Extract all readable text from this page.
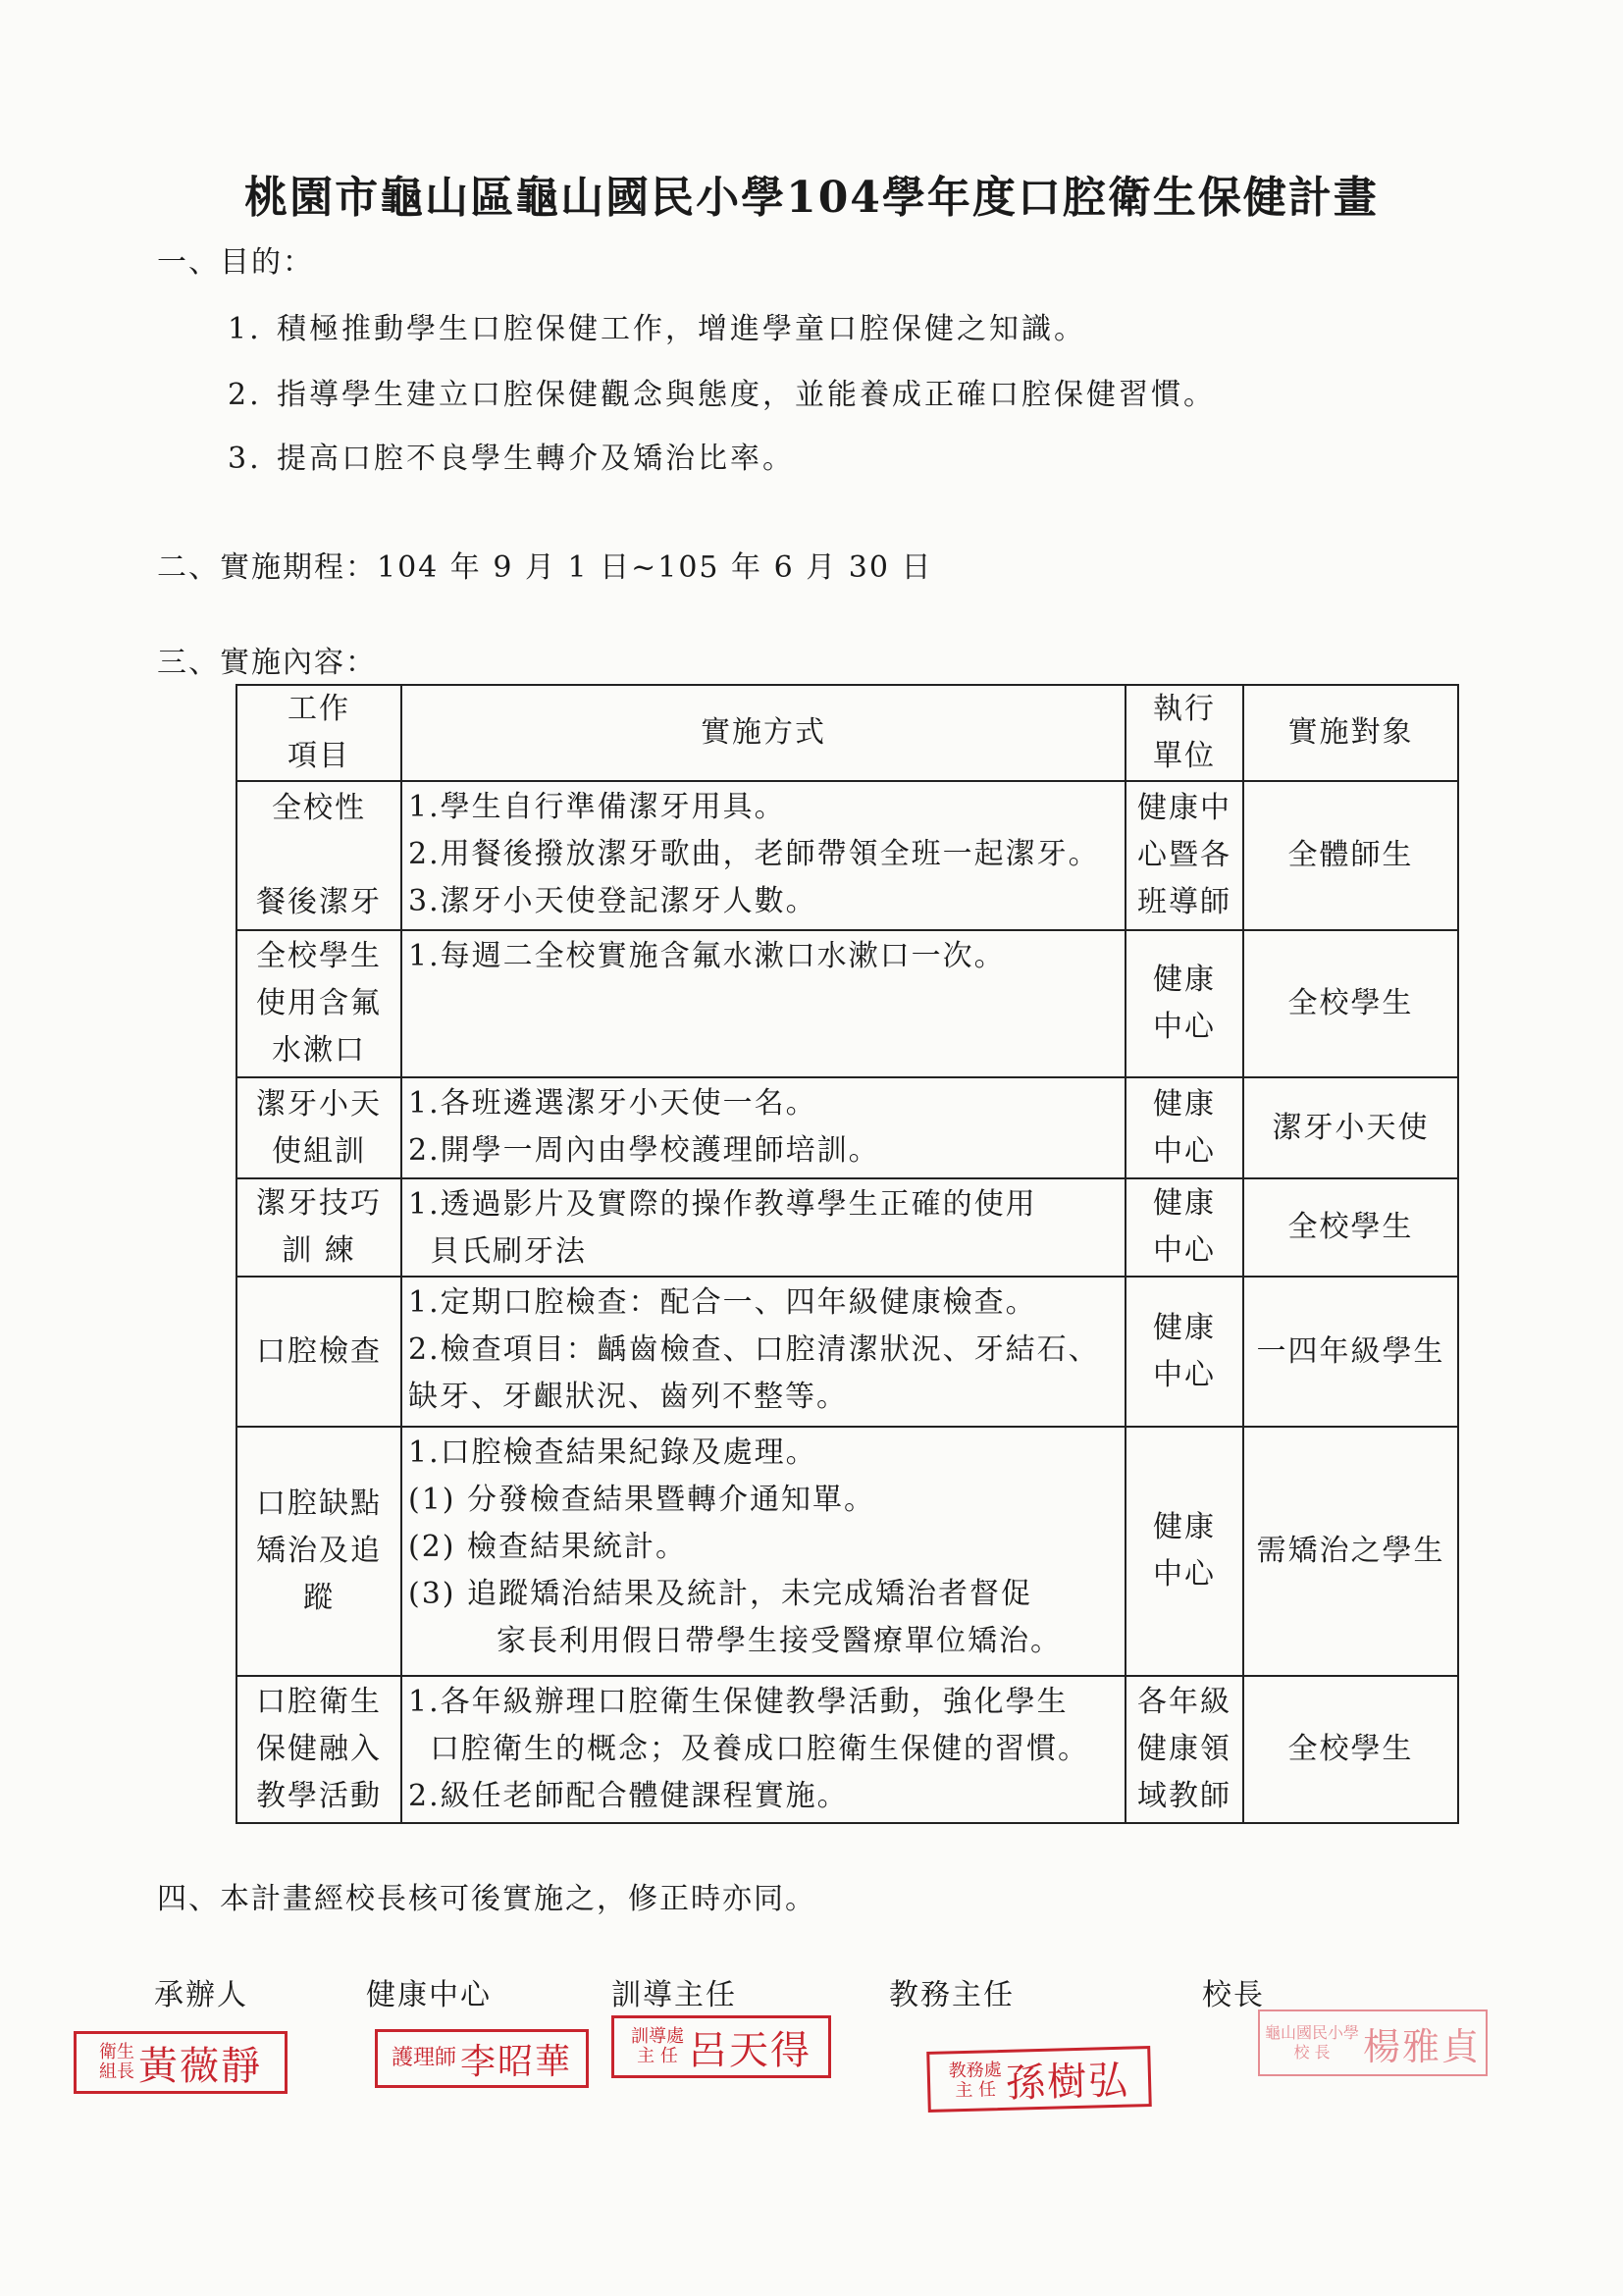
桃園市龜山區龜山國民小學104學年度口腔衛生保健計畫
一、目的：
1. 積極推動學生口腔保健工作，增進學童口腔保健之知識。
2. 指導學生建立口腔保健觀念與態度，並能養成正確口腔保健習慣。
3. 提高口腔不良學生轉介及矯治比率。
二、實施期程：104 年 9 月 1 日~105 年 6 月 30 日
三、實施內容：
工作
項目	實施方式	執行
單位	實施對象

全校性

餐後潔牙	1.學生自行準備潔牙用具。
2.用餐後撥放潔牙歌曲，老師帶領全班一起潔牙。
3.潔牙小天使登記潔牙人數。	健康中
心暨各
班導師	全體師生

全校學生
使用含氟
水漱口	1.每週二全校實施含氟水漱口水漱口一次。	健康
中心	全校學生

潔牙小天
使組訓	1.各班遴選潔牙小天使一名。
2.開學一周內由學校護理師培訓。	健康
中心	潔牙小天使

潔牙技巧
訓 練	1.透過影片及實際的操作教導學生正確的使用
貝氏刷牙法	健康
中心	全校學生

口腔檢查	1.定期口腔檢查：配合一、四年級健康檢查。
2.檢查項目：齲齒檢查、口腔清潔狀況、牙結石、
缺牙、牙齦狀況、齒列不整等。	健康
中心	一四年級學生

口腔缺點
矯治及追
蹤	1.口腔檢查結果紀錄及處理。
(1) 分發檢查結果暨轉介通知單。
(2) 檢查結果統計。
(3) 追蹤矯治結果及統計，未完成矯治者督促
家長利用假日帶學生接受醫療單位矯治。	健康
中心	需矯治之學生

口腔衛生
保健融入
教學活動	1.各年級辦理口腔衛生保健教學活動，強化學生
口腔衛生的概念；及養成口腔衛生保健的習慣。
2.級任老師配合體健課程實施。	各年級
健康領
域教師	全校學生
四、本計畫經校長核可後實施之，修正時亦同。
承辦人	健康中心	訓導主任	教務主任	校長
衛生
組長 黃薇靜	護理師 李昭華
訓導處
主 任 呂天得	教務處
主 任 孫樹弘
龜山國民小學
校 長 楊雅貞
